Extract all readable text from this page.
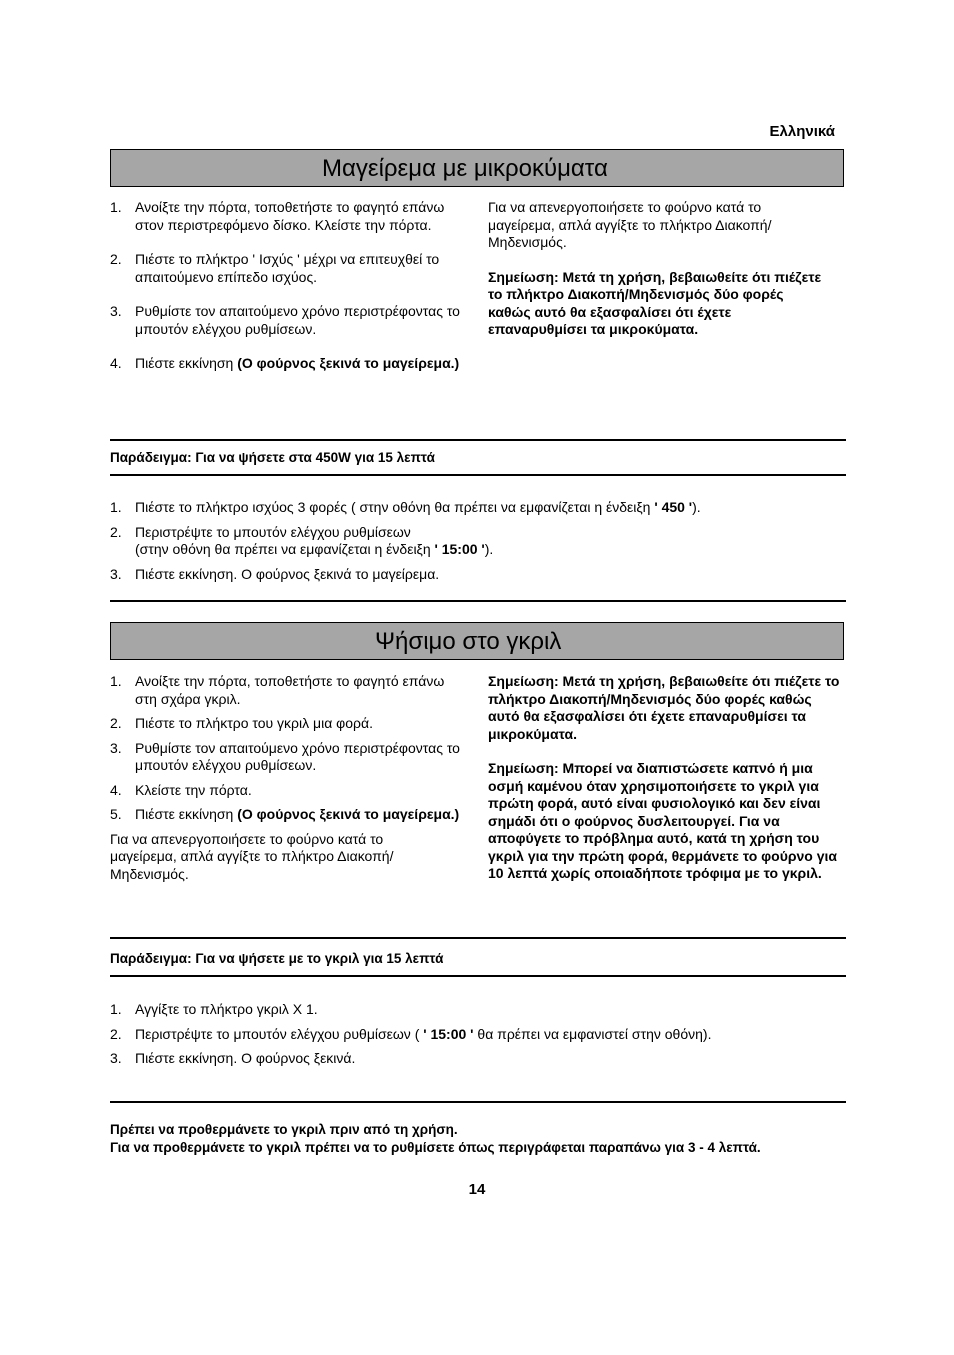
Ελληνικά
Μαγείρεμα με μικροκύματα
1. Ανοίξτε την πόρτα, τοποθετήστε το φαγητό επάνω στον περιστρεφόμενο δίσκο. Κλείστε την πόρτα.
2. Πιέστε το πλήκτρο ' Ισχύς ' μέχρι να επιτευχθεί το απαιτούμενο επίπεδο ισχύος.
3. Ρυθμίστε τον απαιτούμενο χρόνο περιστρέφοντας το μπουτόν ελέγχου ρυθμίσεων.
4. Πιέστε εκκίνηση (Ο φούρνος ξεκινά το μαγείρεμα.)

Για να απενεργοποιήσετε το φούρνο κατά το μαγείρεμα, απλά αγγίξτε το πλήκτρο Διακοπή/Μηδενισμός.

Σημείωση: Μετά τη χρήση, βεβαιωθείτε ότι πιέζετε το πλήκτρο Διακοπή/Μηδενισμός δύο φορές καθώς αυτό θα εξασφαλίσει ότι έχετε επαναρυθμίσει τα μικροκύματα.

Παράδειγμα: Για να ψήσετε στα 450W για 15 λεπτά
1. Πιέστε το πλήκτρο ισχύος 3 φορές ( στην οθόνη θα πρέπει να εμφανίζεται η ένδειξη ' 450 ').
2. Περιστρέψτε το μπουτόν ελέγχου ρυθμίσεων
(στην οθόνη θα πρέπει να εμφανίζεται η ένδειξη ' 15:00 ').
3. Πιέστε εκκίνηση. Ο φούρνος ξεκινά το μαγείρεμα.
Ψήσιμο στο γκριλ
1. Ανοίξτε την πόρτα, τοποθετήστε το φαγητό επάνω στη σχάρα γκριλ.
2. Πιέστε το πλήκτρο του γκριλ μια φορά.
3. Ρυθμίστε τον απαιτούμενο χρόνο περιστρέφοντας το μπουτόν ελέγχου ρυθμίσεων.
4. Κλείστε την πόρτα.
5. Πιέστε εκκίνηση (Ο φούρνος ξεκινά το μαγείρεμα.)

Για να απενεργοποιήσετε το φούρνο κατά το μαγείρεμα, απλά αγγίξτε το πλήκτρο Διακοπή/Μηδενισμός.

Σημείωση: Μετά τη χρήση, βεβαιωθείτε ότι πιέζετε το πλήκτρο Διακοπή/Μηδενισμός δύο φορές καθώς αυτό θα εξασφαλίσει ότι έχετε επαναρυθμίσει τα μικροκύματα.

Σημείωση: Μπορεί να διαπιστώσετε καπνό ή μια οσμή καμένου όταν χρησιμοποιήσετε το γκριλ για πρώτη φορά, αυτό είναι φυσιολογικό και δεν είναι σημάδι ότι ο φούρνος δυσλειτουργεί. Για να αποφύγετε το πρόβλημα αυτό, κατά τη χρήση του γκριλ για την πρώτη φορά, θερμάνετε το φούρνο για 10 λεπτά χωρίς οποιαδήποτε τρόφιμα με το γκριλ.

Παράδειγμα: Για να ψήσετε με το γκριλ για 15 λεπτά
1. Αγγίξτε το πλήκτρο γκριλ X 1.
2. Περιστρέψτε το μπουτόν ελέγχου ρυθμίσεων ( ' 15:00 ' θα πρέπει να εμφανιστεί στην οθόνη).
3. Πιέστε εκκίνηση. Ο φούρνος ξεκινά.
Πρέπει να προθερμάνετε το γκριλ πριν από τη χρήση.
Για να προθερμάνετε το γκριλ πρέπει να το ρυθμίσετε όπως περιγράφεται παραπάνω για 3 - 4 λεπτά.
14
